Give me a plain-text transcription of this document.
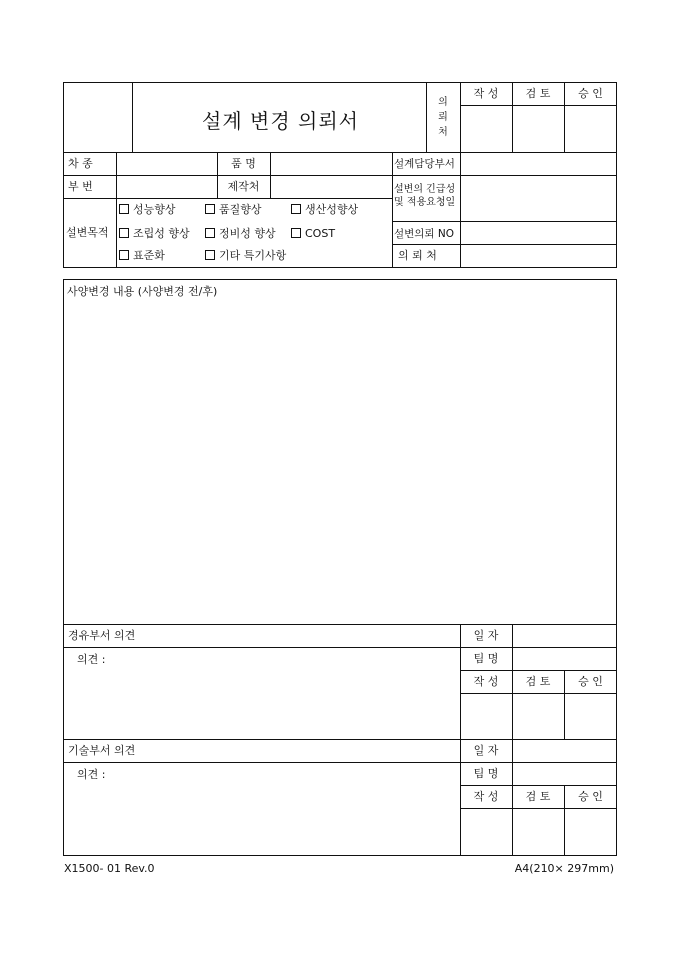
설계 변경 의뢰서
의
뢰
처
작 성	검 토	승 인
차 종	품 명	설계담당부서
부 번	제작처	설변의 긴급성
및 적용요청일
설변목적
성능향상	품질향상	생산성향상
조립성 향상	정비성 향상	COST
표준화	기타 특기사항
설변의뢰 NO
의 뢰 처
사양변경 내용 (사양변경 전/후)
경유부서 의견
의견 :
일 자
팀 명
작 성	검 토	승 인
기술부서 의견
의견 :
일 자
팀 명
작 성	검 토	승 인
X1500- 01 Rev.0	A4(210× 297mm)
